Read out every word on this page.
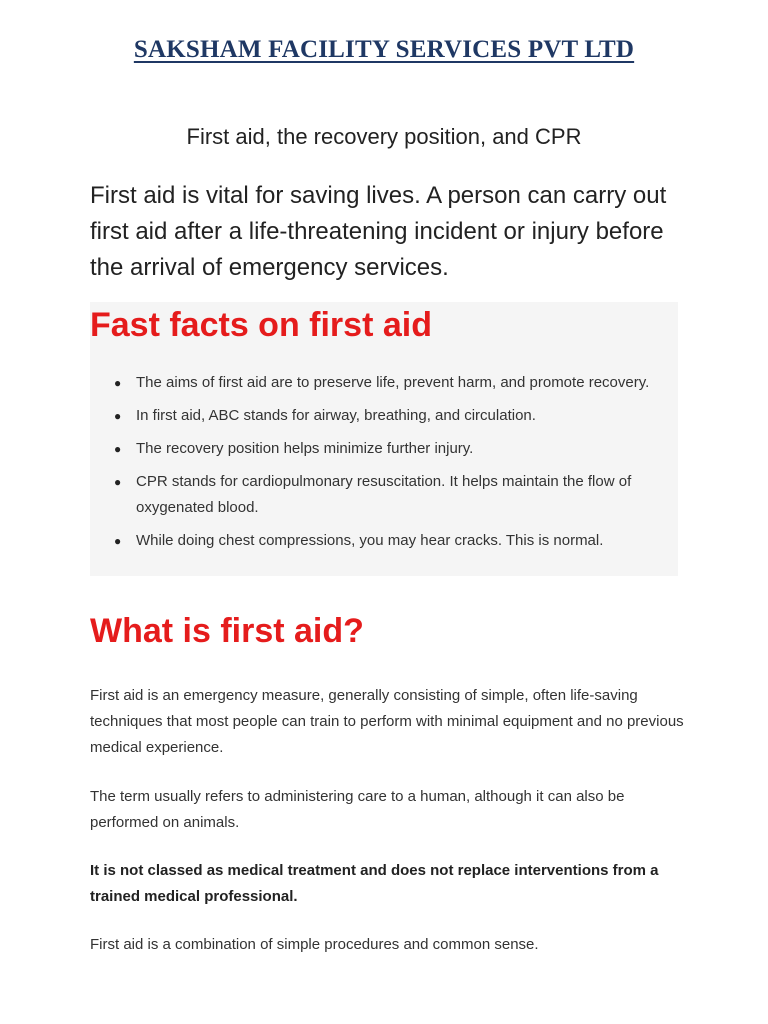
SAKSHAM FACILITY SERVICES PVT LTD
First aid, the recovery position, and CPR

First aid is vital for saving lives. A person can carry out first aid after a life-threatening incident or injury before the arrival of emergency services.

Fast facts on first aid
● The aims of first aid are to preserve life, prevent harm, and promote recovery.
● In first aid, ABC stands for airway, breathing, and circulation.
● The recovery position helps minimize further injury.
● CPR stands for cardiopulmonary resuscitation. It helps maintain the flow of oxygenated blood.
● While doing chest compressions, you may hear cracks. This is normal.
What is first aid?

First aid is an emergency measure, generally consisting of simple, often life-saving techniques that most people can train to perform with minimal equipment and no previous medical experience.

The term usually refers to administering care to a human, although it can also be performed on animals.

It is not classed as medical treatment and does not replace interventions from a trained medical professional.

First aid is a combination of simple procedures and common sense.
